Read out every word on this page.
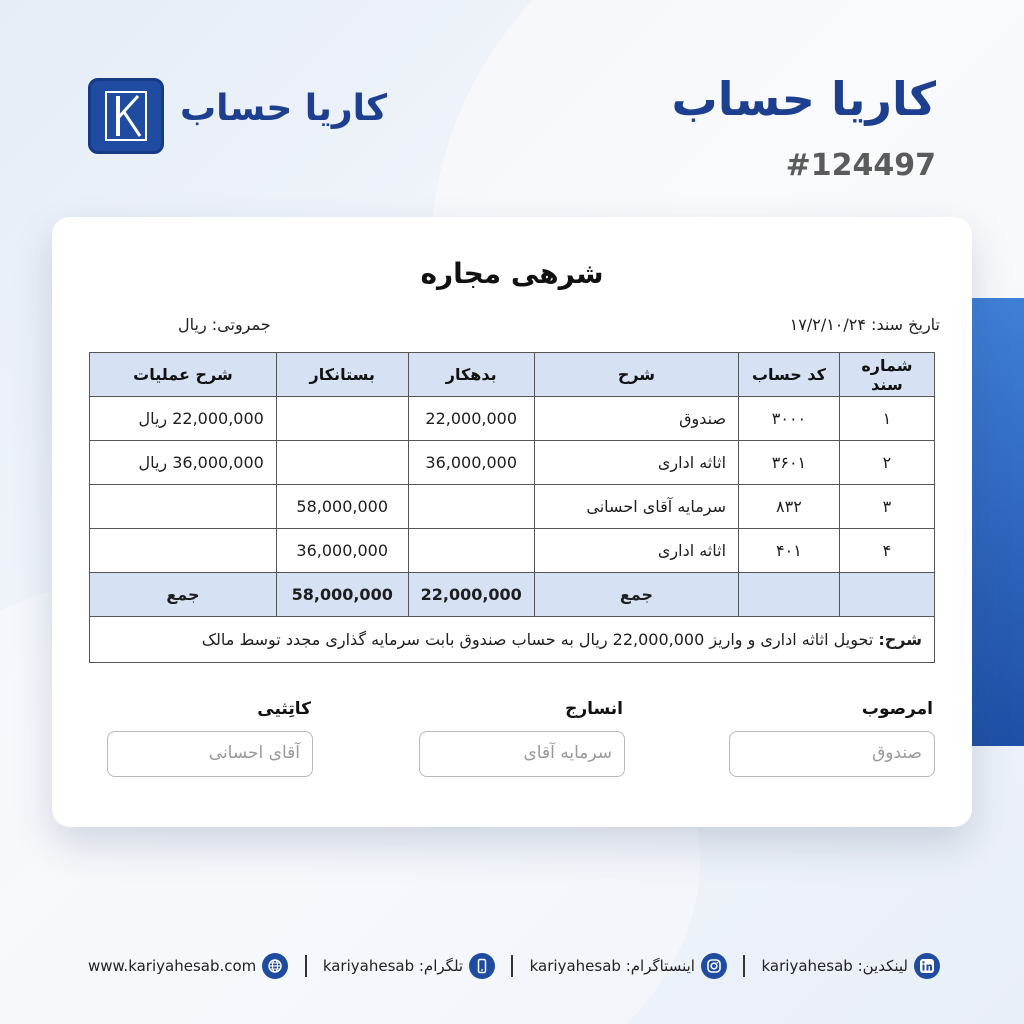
کاریا حساب
#124497
کاریا حساب
شرهی مجاره
تاریخ سند: ۱۷/۲/۱۰/۲۴
جمروتی: ریال
شماره سند	کد حساب	شرح	بدهکار	بستانکار	شرح عملیات
۱	۳۰۰۰	صندوق	22,000,000		22,000,000 ریال
۲	۳۶۰۱	اثاثه اداری	36,000,000		36,000,000 ریال
۳	۸۳۲	سرمایه آقای احسانی		58,000,000	
۴	۴۰۱	اثاثه اداری		36,000,000	
		جمع	22,000,000	58,000,000	جمع
شرح: تحویل اثاثه اداری و واریز 22,000,000 ریال به حساب صندوق بابت سرمایه گذاری مجدد توسط مالک					
امرصوب
صندوق
انسارج
سرمایه آقای
کاتِثیی
آقای احسانی
لینکدین: kariyahesab
اینستاگرام: kariyahesab
تلگرام: kariyahesab
www.kariyahesab.com
